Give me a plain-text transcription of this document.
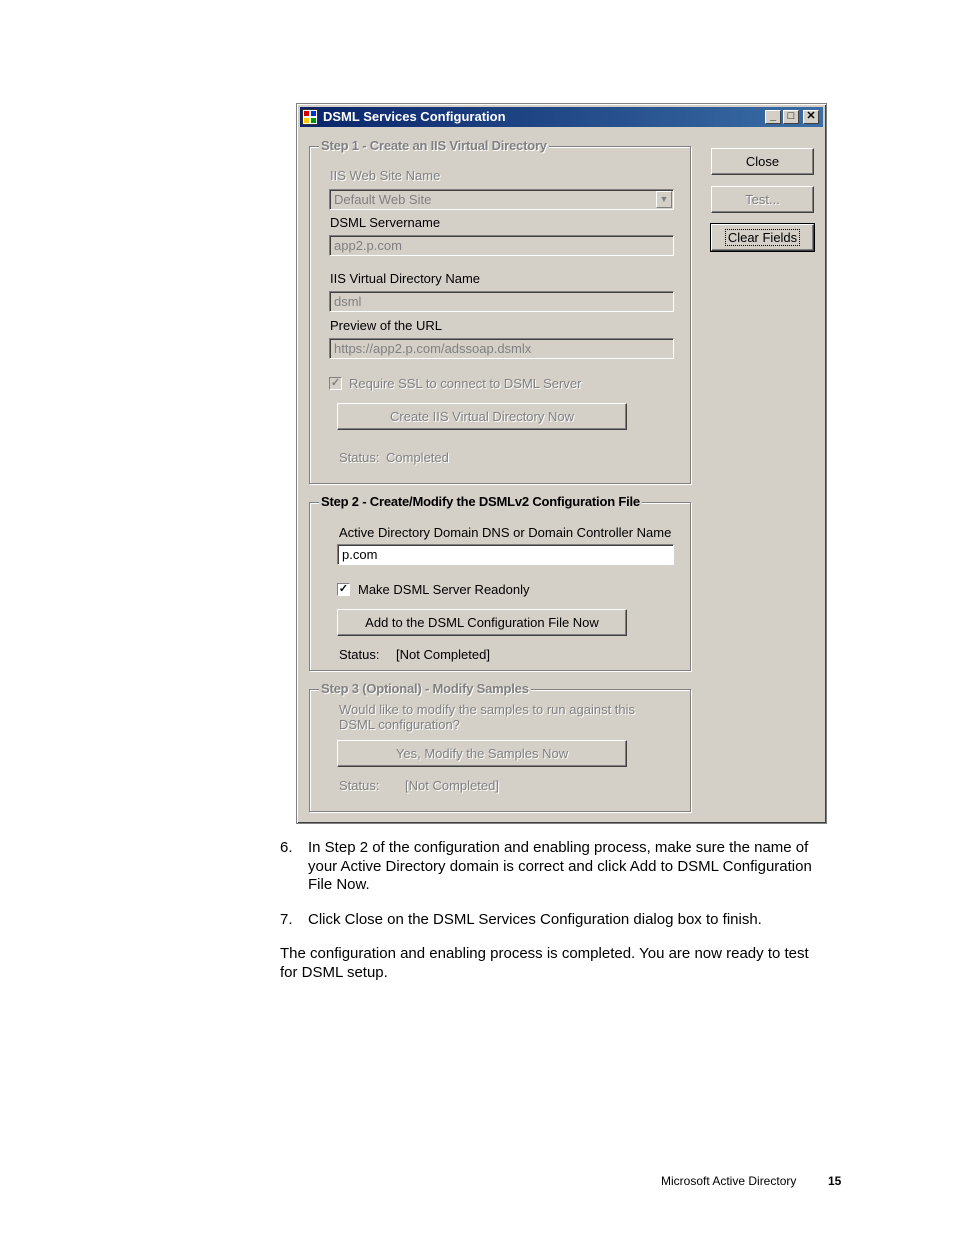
DSML Services Configuration	_	□	✕
Close
Test...
Clear Fields
Step 1 - Create an IIS Virtual Directory
IIS Web Site Name
Default Web Site	▼
DSML Servername
app2.p.com
IIS Virtual Directory Name
dsml
Preview of the URL
https://app2.p.com/adssoap.dsmlx
✓ Require SSL to connect to DSML Server
Create IIS Virtual Directory Now
Status: Completed
Step 2 - Create/Modify the DSMLv2 Configuration File
Active Directory Domain DNS or Domain Controller Name
p.com
✓ Make DSML Server Readonly
Add to the DSML Configuration File Now
Status: [Not Completed]
Step 3 (Optional) - Modify Samples
Would like to modify the samples to run against this
DSML configuration?
Yes, Modify the Samples Now
Status: [Not Completed]
6. In Step 2 of the configuration and enabling process, make sure the name of
your Active Directory domain is correct and click Add to DSML Configuration
File Now.
7. Click Close on the DSML Services Configuration dialog box to finish.
The configuration and enabling process is completed. You are now ready to test
for DSML setup.
Microsoft Active Directory	15
